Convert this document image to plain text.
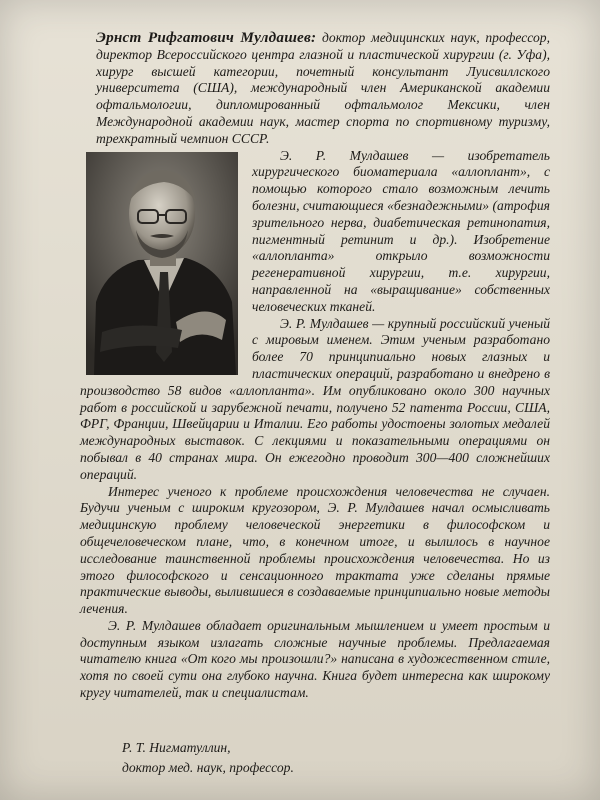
Эрнст Рифгатович Мулдашев: доктор медицинских наук, профессор, директор Всероссийского центра глазной и пластической хирургии (г. Уфа), хирург высшей категории, почетный консультант Луисвиллского университета (США), международный член Американской академии офтальмологии, дипломированный офтальмолог Мексики, член Международной академии наук, мастер спорта по спортивному туризму, трехкратный чемпион СССР.

Э. Р. Мулдашев — изобретатель хирургического биоматериала «аллоплант», с помощью которого стало возможным лечить болезни, считающиеся «безнадежными» (атрофия зрительного нерва, диабетическая ретинопатия, пигментный ретинит и др.). Изобретение «аллопланта» открыло возможности регенеративной хирургии, т.е. хирургии, направленной на «выращивание» собственных человеческих тканей.

Э. Р. Мулдашев — крупный российский ученый с мировым именем. Этим ученым разработано более 70 принципиально новых глазных и пластических операций, разработано и внедрено в производство 58 видов «аллопланта». Им опубликовано около 300 научных работ в российской и зарубежной печати, получено 52 патента России, США, ФРГ, Франции, Швейцарии и Италии. Его работы удостоены золотых медалей международных выставок. С лекциями и показательными операциями он побывал в 40 странах мира. Он ежегодно проводит 300—400 сложнейших операций.

Интерес ученого к проблеме происхождения человечества не случаен. Будучи ученым с широким кругозором, Э. Р. Мулдашев начал осмысливать медицинскую проблему человеческой энергетики в философском и общечеловеческом плане, что, в конечном итоге, и вылилось в научное исследование таинственной проблемы происхождения человечества. Но из этого философского и сенсационного трактата уже сделаны прямые практические выводы, вылившиеся в создаваемые принципиально новые методы лечения.

Э. Р. Мулдашев обладает оригинальным мышлением и умеет простым и доступным языком излагать сложные научные проблемы. Предлагаемая читателю книга «От кого мы произошли?» написана в художественном стиле, хотя по своей сути она глубоко научна. Книга будет интересна как широкому кругу читателей, так и специалистам.

Р. Т. Нигматуллин,
доктор мед. наук, профессор.
